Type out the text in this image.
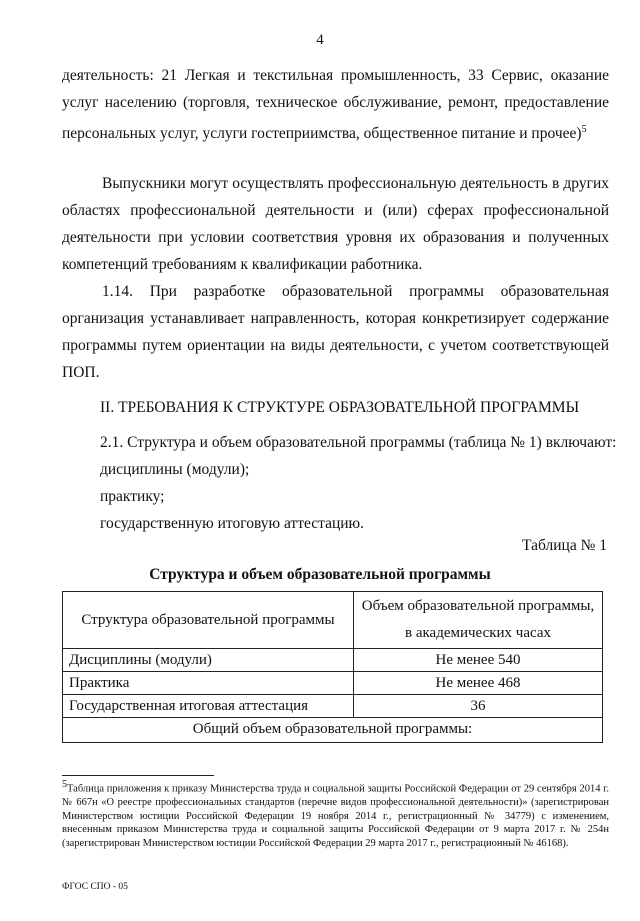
4

деятельность: 21 Легкая и текстильная промышленность, 33 Сервис, оказание услуг населению (торговля, техническое обслуживание, ремонт, предоставление персональных услуг, услуги гостеприимства, общественное питание и прочее)$^5$

Выпускники могут осуществлять профессиональную деятельность в других областях профессиональной деятельности и (или) сферах профессиональной деятельности при условии соответствия уровня их образования и полученных компетенций требованиям к квалификации работника.

1.14. При разработке образовательной программы образовательная организация устанавливает направленность, которая конкретизирует содержание программы путем ориентации на виды деятельности, с учетом соответствующей ПОП.

II. ТРЕБОВАНИЯ К СТРУКТУРЕ ОБРАЗОВАТЕЛЬНОЙ ПРОГРАММЫ

2.1. Структура и объем образовательной программы (таблица № 1) включают:

дисциплины (модули);

практику;

государственную итоговую аттестацию.

Таблица № 1
Структура и объем образовательной программы
Структура образовательной программы	Объем образовательной программы, в академических часах
Дисциплины (модули)	Не менее 540
Практика	Не менее 468
Государственная итоговая аттестация	36
Общий объем образовательной программы:	

$^5$Таблица приложения к приказу Министерства труда и социальной защиты Российской Федерации от 29 сентября 2014 г. № 667н «О реестре профессиональных стандартов (перечне видов профессиональной деятельности)» (зарегистрирован Министерством юстиции Российской Федерации 19 ноября 2014 г., регистрационный № 34779) с изменением, внесенным приказом Министерства труда и социальной защиты Российской Федерации от 9 марта 2017 г. № 254н (зарегистрирован Министерством юстиции Российской Федерации 29 марта 2017 г., регистрационный № 46168).

ФГОС СПО - 05
